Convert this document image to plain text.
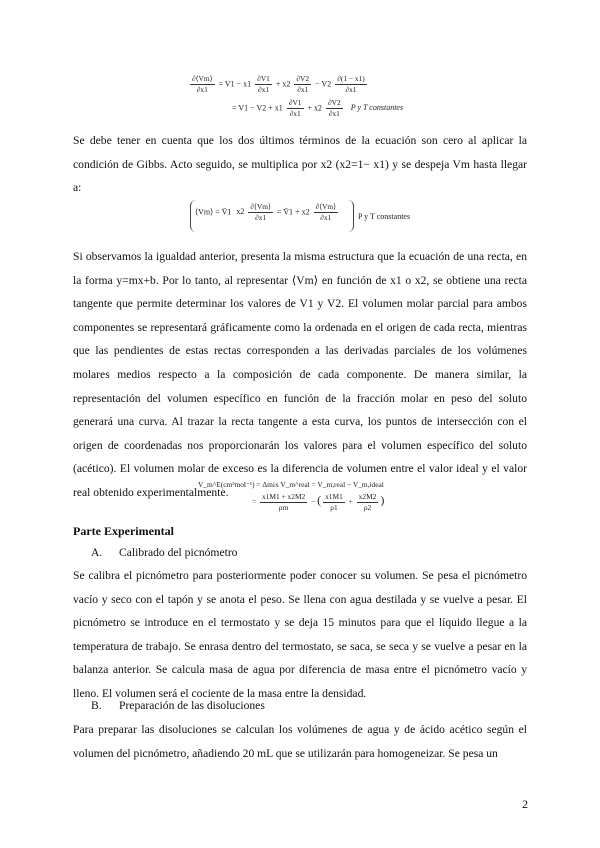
$\frac{\partial⟨Vm⟩}{\partial x1} = V1 - x1 \frac{\partial V1}{\partial x1} + x2 \frac{\partial V2}{\partial x1} - V2 \frac{\partial(1 - x1)}{\partial x1}$
= $V1 - V2 + x1 \frac{\partial V1}{\partial x1} + x2 \frac{\partial V2}{\partial x1}$ P y T constantes

Se debe tener en cuenta que los dos últimos términos de la ecuación son cero al aplicar la condición de Gibbs. Acto seguido, se multiplica por x2 (x2=1− x1) y se despeja Vm hasta llegar a:

⟨Vm⟩ = V̄1 $x2 \frac{\partial⟨Vm⟩}{\partial x1}$ = V̄1 + $x2 \frac{\partial⟨Vm⟩}{\partial x1}$ P y T constantes

Si observamos la igualdad anterior, presenta la misma estructura que la ecuación de una recta, en la forma y=mx+b. Por lo tanto, al representar ⟨Vm⟩ en función de x1 o x2, se obtiene una recta tangente que permite determinar los valores de V1 y V2. El volumen molar parcial para ambos componentes se representará gráficamente como la ordenada en el origen de cada recta, mientras que las pendientes de estas rectas corresponden a las derivadas parciales de los volúmenes molares medios respecto a la composición de cada componente. De manera similar, la representación del volumen específico en función de la fracción molar en peso del soluto generará una curva. Al trazar la recta tangente a esta curva, los puntos de intersección con el origen de coordenadas nos proporcionarán los valores para el volumen específico del soluto (acético). El volumen molar de exceso es la diferencia de volumen entre el valor ideal y el valor real obtenido experimentalmente.

V_m^E(cm³mol⁻¹) = Δmix V_m^real = V_m,real − V_m,ideal
= $\frac{x1M1 + x2M2}{\rho m}$ − ( $\frac{x1M1}{\rho 1} + \frac{x2M2}{\rho 2}$ )
Parte Experimental
A. Calibrado del picnómetro

Se calibra el picnómetro para posteriormente poder conocer su volumen. Se pesa el picnómetro vacío y seco con el tapón y se anota el peso. Se llena con agua destilada y se vuelve a pesar. El picnómetro se introduce en el termostato y se deja 15 minutos para que el líquido llegue a la temperatura de trabajo. Se enrasa dentro del termostato, se saca, se seca y se vuelve a pesar en la balanza anterior. Se calcula masa de agua por diferencia de masa entre el picnómetro vacío y lleno. El volumen será el cociente de la masa entre la densidad.

B. Preparación de las disoluciones

Para preparar las disoluciones se calculan los volúmenes de agua y de ácido acético según el volumen del picnómetro, añadiendo 20 mL que se utilizarán para homogeneizar. Se pesa un

2
